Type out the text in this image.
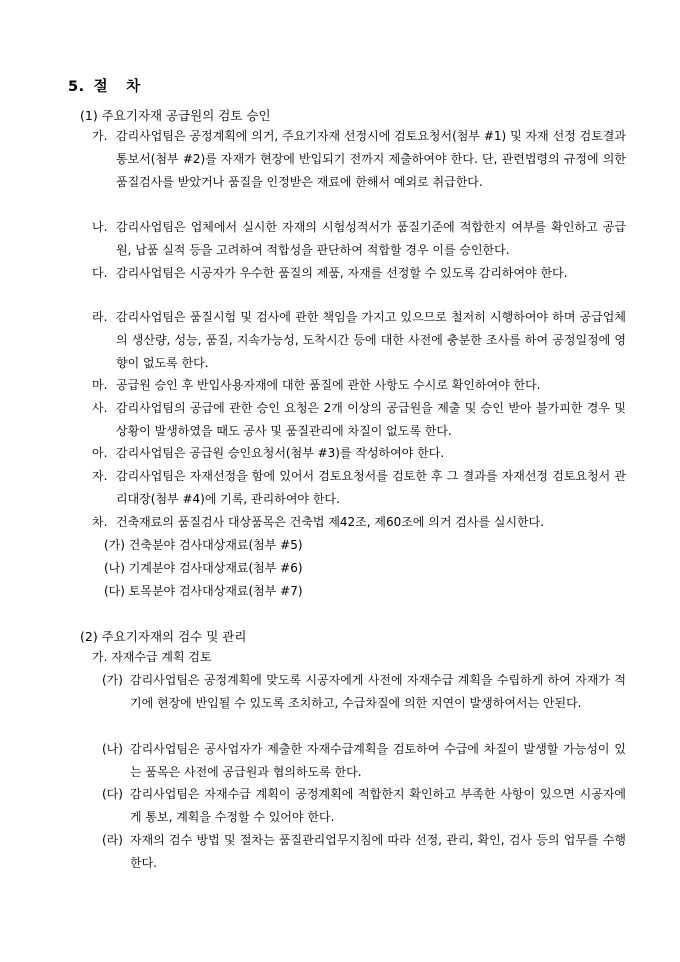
5. 절 차
(1) 주요기자재 공급원의 검토 승인
가. 감리사업팀은 공정계획에 의거, 주요기자재 선정시에 검토요청서(첨부 #1) 및 자재 선정 검토결과 통보서(첨부 #2)를 자재가 현장에 반입되기 전까지 제출하여야 한다. 단, 관련법령의 규정에 의한 품질검사를 받았거나 품질을 인정받은 재료에 한해서 예외로 취급한다.
나. 감리사업팀은 업체에서 실시한 자재의 시험성적서가 품질기준에 적합한지 여부를 확인하고 공급원, 납품 실적 등을 고려하여 적합성을 판단하여 적합할 경우 이를 승인한다.
다. 감리사업팀은 시공자가 우수한 품질의 제품, 자재를 선정할 수 있도록 감리하여야 한다.
라. 감리사업팀은 품질시험 및 검사에 관한 책임을 가지고 있으므로 철저히 시행하여야 하며 공급업체의 생산량, 성능, 품질, 지속가능성, 도착시간 등에 대한 사전에 충분한 조사를 하여 공정일정에 영향이 없도록 한다.
마. 공급원 승인 후 반입사용자재에 대한 품질에 관한 사항도 수시로 확인하여야 한다.
사. 감리사업팀의 공급에 관한 승인 요청은 2개 이상의 공급원을 제출 및 승인 받아 불가피한 경우 및 상황이 발생하였을 때도 공사 및 품질관리에 차질이 없도록 한다.
아. 감리사업팀은 공급원 승인요청서(첨부 #3)를 작성하여야 한다.
자. 감리사업팀은 자재선정을 함에 있어서 검토요청서를 검토한 후 그 결과를 자재선정 검토요청서 관리대장(첨부 #4)에 기록, 관리하여야 한다.
차. 건축재료의 품질검사 대상품목은 건축법 제42조, 제60조에 의거 검사를 실시한다.
(가) 건축분야 검사대상재료(첨부 #5)
(나) 기계분야 검사대상재료(첨부 #6)
(다) 토목분야 검사대상재료(첨부 #7)
(2) 주요기자재의 검수 및 관리
가. 자재수급 계획 검토
(가) 감리사업팀은 공정계획에 맞도록 시공자에게 사전에 자재수급 계획을 수립하게 하여 자재가 적기에 현장에 반입될 수 있도록 조치하고, 수급차질에 의한 지연이 발생하여서는 안된다.
(나) 감리사업팀은 공사업자가 제출한 자재수급계획을 검토하여 수급에 차질이 발생할 가능성이 있는 품목은 사전에 공급원과 협의하도록 한다.
(다) 감리사업팀은 자재수급 계획이 공정계획에 적합한지 확인하고 부족한 사항이 있으면 시공자에게 통보, 계획을 수정할 수 있어야 한다.
(라) 자재의 검수 방법 및 절차는 품질관리업무지침에 따라 선정, 관리, 확인, 검사 등의 업무를 수행한다.
